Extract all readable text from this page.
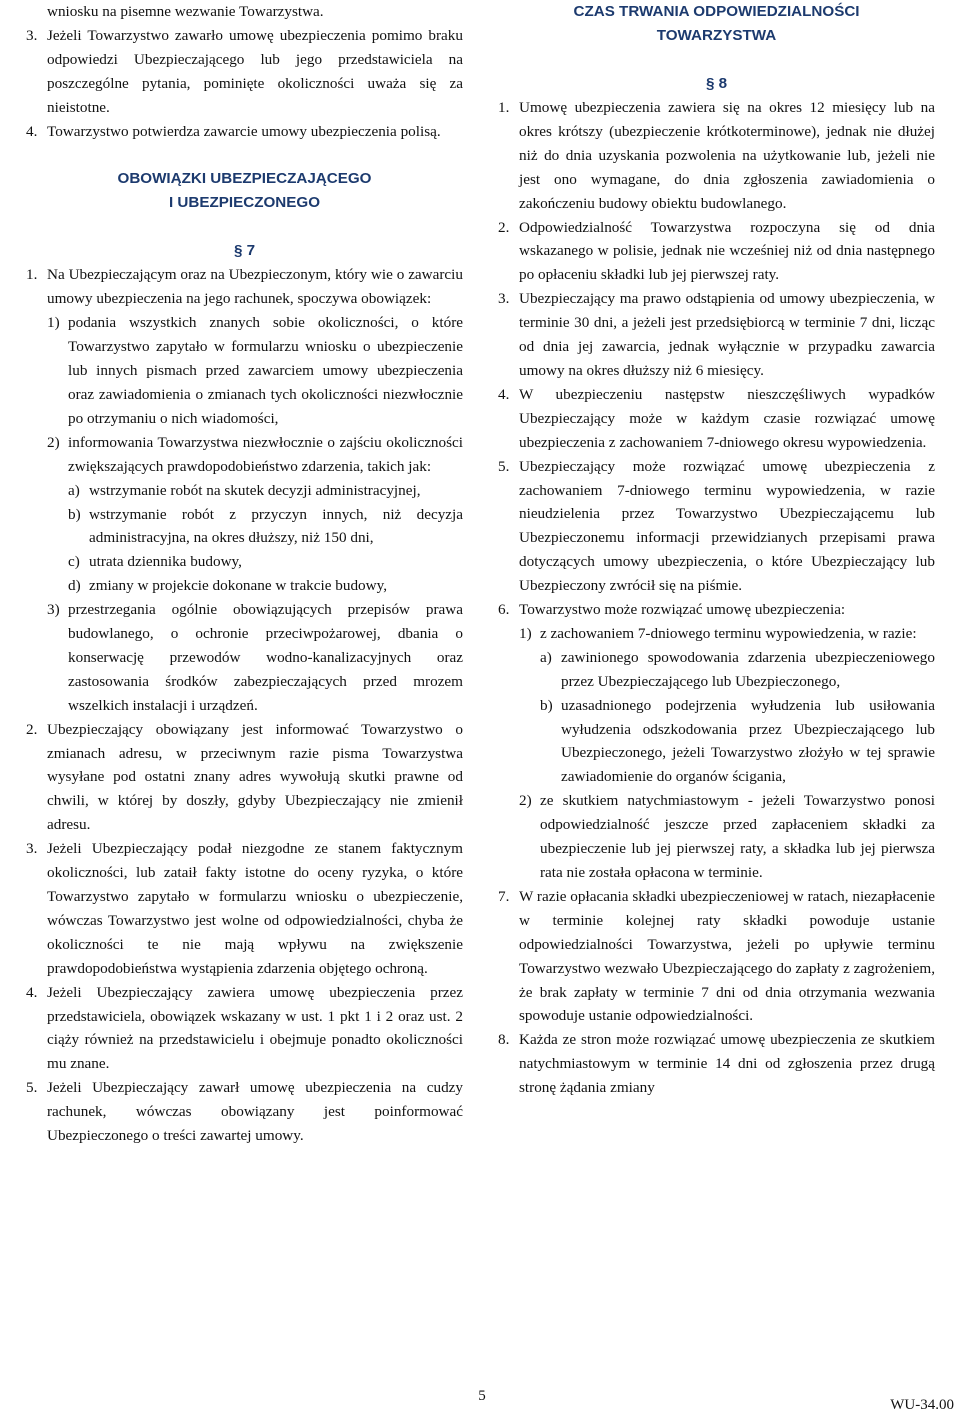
wniosku na pisemne wezwanie Towarzystwa.
3. Jeżeli Towarzystwo zawarło umowę ubezpieczenia pomimo braku odpowiedzi Ubezpieczającego lub jego przedstawiciela na poszczególne pytania, pominięte okoliczności uważa się za nieistotne.
4. Towarzystwo potwierdza zawarcie umowy ubezpieczenia polisą.

OBOWIĄZKI UBEZPIECZAJĄCEGO

I UBEZPIECZONEGO

§ 7

1. Na Ubezpieczającym oraz na Ubezpieczonym, który wie o zawarciu umowy ubezpieczenia na jego rachunek, spoczywa obowiązek:
1) podania wszystkich znanych sobie okoliczności, o które Towarzystwo zapytało w formularzu wniosku o ubezpieczenie lub innych pismach przed zawarciem umowy ubezpieczenia oraz zawiadomienia o zmianach tych okoliczności niezwłocznie po otrzymaniu o nich wiadomości,
2) informowania Towarzystwa niezwłocznie o zajściu okoliczności zwiększających prawdopodobieństwo zdarzenia, takich jak:
a) wstrzymanie robót na skutek decyzji administracyjnej,
b) wstrzymanie robót z przyczyn innych, niż decyzja administracyjna, na okres dłuższy, niż 150 dni,
c) utrata dziennika budowy,
d) zmiany w projekcie dokonane w trakcie budowy,
3) przestrzegania ogólnie obowiązujących przepisów prawa budowlanego, o ochronie przeciwpożarowej, dbania o konserwację przewodów wodno-kanalizacyjnych oraz zastosowania środków zabezpieczających przed mrozem wszelkich instalacji i urządzeń.
2. Ubezpieczający obowiązany jest informować Towarzystwo o zmianach adresu, w przeciwnym razie pisma Towarzystwa wysyłane pod ostatni znany adres wywołują skutki prawne od chwili, w której by doszły, gdyby Ubezpieczający nie zmienił adresu.
3. Jeżeli Ubezpieczający podał niezgodne ze stanem faktycznym okoliczności, lub zataił fakty istotne do oceny ryzyka, o które Towarzystwo zapytało w formularzu wniosku o ubezpieczenie, wówczas Towarzystwo jest wolne od odpowiedzialności, chyba że okoliczności te nie mają wpływu na zwiększenie prawdopodobieństwa wystąpienia zdarzenia objętego ochroną.
4. Jeżeli Ubezpieczający zawiera umowę ubezpieczenia przez przedstawiciela, obowiązek wskazany w ust. 1 pkt 1 i 2 oraz ust. 2 ciąży również na przedstawicielu i obejmuje ponadto okoliczności mu znane.
5. Jeżeli Ubezpieczający zawarł umowę ubezpieczenia na cudzy rachunek, wówczas obowiązany jest poinformować Ubezpieczonego o treści zawartej umowy.

CZAS TRWANIA ODPOWIEDZIALNOŚCI

TOWARZYSTWA

§ 8

1. Umowę ubezpieczenia zawiera się na okres 12 miesięcy lub na okres krótszy (ubezpieczenie krótkoterminowe), jednak nie dłużej niż do dnia uzyskania pozwolenia na użytkowanie lub, jeżeli nie jest ono wymagane, do dnia zgłoszenia zawiadomienia o zakończeniu budowy obiektu budowlanego.
2. Odpowiedzialność Towarzystwa rozpoczyna się od dnia wskazanego w polisie, jednak nie wcześniej niż od dnia następnego po opłaceniu składki lub jej pierwszej raty.
3. Ubezpieczający ma prawo odstąpienia od umowy ubezpieczenia, w terminie 30 dni, a jeżeli jest przedsiębiorcą w terminie 7 dni, licząc od dnia jej zawarcia, jednak wyłącznie w przypadku zawarcia umowy na okres dłuższy niż 6 miesięcy.
4. W ubezpieczeniu następstw nieszczęśliwych wypadków Ubezpieczający może w każdym czasie rozwiązać umowę ubezpieczenia z zachowaniem 7-dniowego okresu wypowiedzenia.
5. Ubezpieczający może rozwiązać umowę ubezpieczenia z zachowaniem 7-dniowego terminu wypowiedzenia, w razie nieudzielenia przez Towarzystwo Ubezpieczającemu lub Ubezpieczonemu informacji przewidzianych przepisami prawa dotyczących umowy ubezpieczenia, o które Ubezpieczający lub Ubezpieczony zwrócił się na piśmie.
6. Towarzystwo może rozwiązać umowę ubezpieczenia:
1) z zachowaniem 7-dniowego terminu wypowiedzenia, w razie:
a) zawinionego spowodowania zdarzenia ubezpieczeniowego przez Ubezpieczającego lub Ubezpieczonego,
b) uzasadnionego podejrzenia wyłudzenia lub usiłowania wyłudzenia odszkodowania przez Ubezpieczającego lub Ubezpieczonego, jeżeli Towarzystwo złożyło w tej sprawie zawiadomienie do organów ścigania,
2) ze skutkiem natychmiastowym - jeżeli Towarzystwo ponosi odpowiedzialność jeszcze przed zapłaceniem składki za ubezpieczenie lub jej pierwszej raty, a składka lub jej pierwsza rata nie została opłacona w terminie.
7. W razie opłacania składki ubezpieczeniowej w ratach, niezapłacenie w terminie kolejnej raty składki powoduje ustanie odpowiedzialności Towarzystwa, jeżeli po upływie terminu Towarzystwo wezwało Ubezpieczającego do zapłaty z zagrożeniem, że brak zapłaty w terminie 7 dni od dnia otrzymania wezwania spowoduje ustanie odpowiedzialności.
8. Każda ze stron może rozwiązać umowę ubezpieczenia ze skutkiem natychmiastowym w terminie 14 dni od zgłoszenia przez drugą stronę żądania zmiany
5
WU-34.00
